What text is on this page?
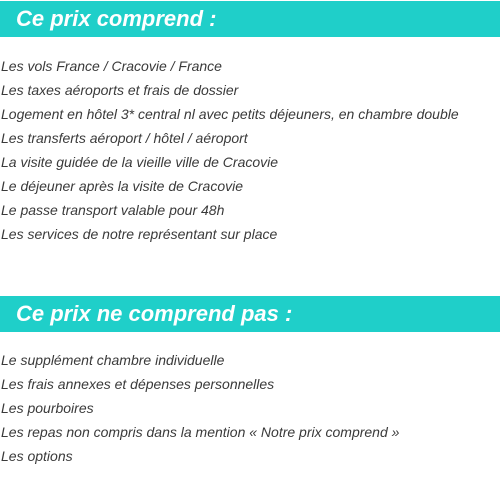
Ce prix comprend :
Les vols France / Cracovie / France
Les taxes aéroports et frais de dossier
Logement en hôtel 3* central nl avec petits déjeuners, en chambre double
Les transferts aéroport / hôtel / aéroport
La visite guidée de la vieille ville de Cracovie
Le déjeuner après la visite de Cracovie
Le passe transport valable pour 48h
Les services de notre représentant sur place
Ce prix ne comprend pas :
Le supplément chambre individuelle
Les frais annexes et dépenses personnelles
Les pourboires
Les repas non compris dans la mention « Notre prix comprend »
Les options
